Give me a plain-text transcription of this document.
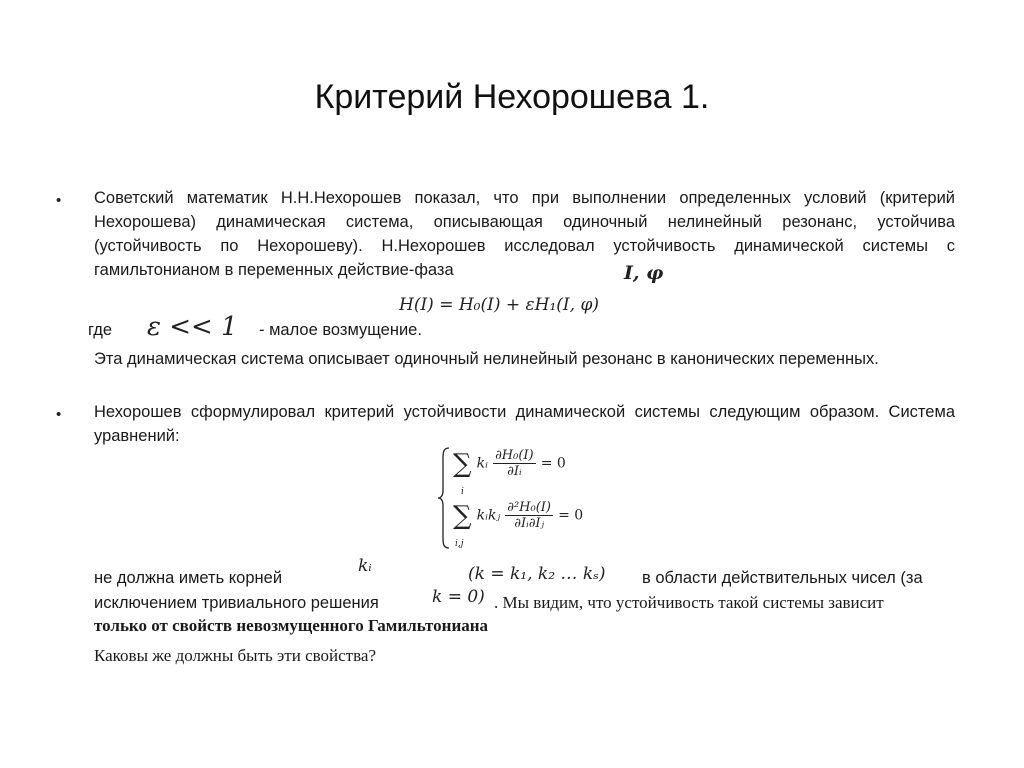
Критерий Нехорошева 1.
• Советский математик Н.Н.Нехорошев показал, что при выполнении определенных условий (критерий Нехорошева) динамическая система, описывающая одиночный нелинейный резонанс, устойчива (устойчивость по Нехорошеву). Н.Нехорошев исследовал устойчивость динамической системы с гамильтонианом в переменных действие-фаза	I, φ
H(I) = H₀(I) + εH₁(I, φ)
где ε << 1 - малое возмущение.
Эта динамическая система описывает одиночный нелинейный резонанс в канонических переменных.
• Нехорошев сформулировал критерий устойчивости динамической системы следующим образом. Система уравнений:
∑
i
kᵢ $\frac{\text{∂H₀(I)}}{\text{∂Iᵢ}} = 0$
∑
i,j
kᵢkⱼ $\frac{\text{∂²H₀(I)}}{\text{∂Iᵢ∂Iⱼ}} = 0$
не должна иметь корней
kᵢ	(k = k₁, k₂ … kₛ) в области действительных чисел (за
исключением тривиального решения	k = 0) . Мы видим, что устойчивость такой системы зависит
только от свойств невозмущенного Гамильтониана
Каковы же должны быть эти свойства?
